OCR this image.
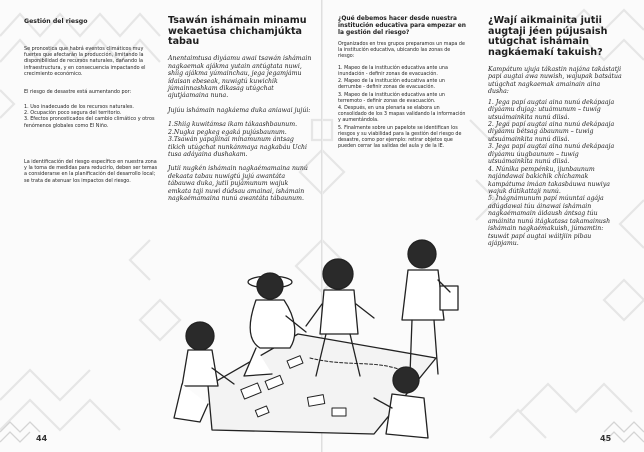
Gestión del riesgo

Se pronostica que habrá eventos climáticos muy fuertes que afectarán la producción, limitando la disponibilidad de recursos naturales, dañando la infraestructura, y en consecuencia impactando el crecimiento económico.

El riesgo de desastre está aumentando por:

1. Uso inadecuado de los recursos naturales.
2. Ocupación poco segura del territorio.
3. Efectos pronosticados del cambio climático y otros fenómenos globales como El Niño.

La identificación del riesgo específico en nuestra zona y la toma de medidas para reducirlo, deben ser temas a considerarse en la planificación del desarrollo local; se trata de atenuar los impactos del riesgo.

Tsawán ishámain minamu wekaetúsa chichamjúkta tabau

Anentaimtusa diyáamu awai tsawán ishámain nagkaemak ajákma yutain antúgtata nuwi, shiig ajákma yúmainchau, jega jegamjámu ídaisan ebeseak, nuwigtú kuwichik júmainnashkam dikasag utúgchat ajutjáamaina nuna.

Jujúu ishámain nagkáema duka aniawai jujúi:

1.Shiig kuwitámsa ikam tákaashbaunum.
2.Nugka pegkeg egaká pujúsbaunum.
3.Tsawán yapajiinai mínamunum ántsag tikich utúgchat nunkánmaya nagkabáu Uchi tusa adáyaina dushakam.

Jutii nugkén ishámain nagkaémamaina nunú dekaata tabau nuwigtú jujú awantáta tábauwa duka, jutii pujámunum wajuk emkata taji nuwi dúdsau amainai, ishámain nagkaémamaina nunú awantáta tábaunum.

¿Qué debemos hacer desde nuestra institución educativa para empezar en la gestión del riesgo?

Organizados en tres grupos preparamos un mapa de la institución educativa, ubicando las zonas de riesgo:

1. Mapeo de la institución educativa ante una inundación - definir zonas de evacuación.
2. Mapeo de la institución educativa ante un derrumbe - definir zonas de evacuación.
3. Mapeo de la institución educativa ante un terremoto - definir zonas de evacuación.
4. Después, en una plenaria se elabora un consolidado de los 3 mapas validando la información y aumentándola.
5. Finalmente sobre un papelote se identifican los riesgos y su viabilidad para la gestión del riesgo de desastre, como por ejemplo: retirar objetos que pueden cerrar las salidas del aula y de la IE.
¿Wají aikmainita jutii augtaji jéen pújusaish utúgchat ishámain nagkáemakí takuish?

Kampátum ujuja tákastin najána takástatji papi augtai awa nuwish, wajupak batsátua utúgchat nagkaemak amainain aina dusha:

1. Jega papí augtai aina nunú dekápaaja diyáamu dujag: utuámunum – tuwig utsuámainkita nunú diisá.
2. Jega papí augtai aina nunú dekápaaja diyáamu bétsag ábaunum – tuwig utsuámainkita nunú diisá.
3. Jega papí augtai aina nunú dekápaaja diyáamu úugbaunum – tuwig utsuámainkita nunú diisá.
4. Núnika pempénku, ijunbaunum najándawai bakichik chichamak kampátuma imáan takasbáuwa nuwiya wajuk dútikattaji nunú.
5. Inágnámunum papí múuntai agája adúgdawai túu áinawai ishámain nagkaémamain áidaush ántsag túu amáinita nunú itágkatasa takamainush ishámain nagkaémakuish, júmamtin: tsuwát papí augtai wáitjiin pibau ajápjamu.
44	45
